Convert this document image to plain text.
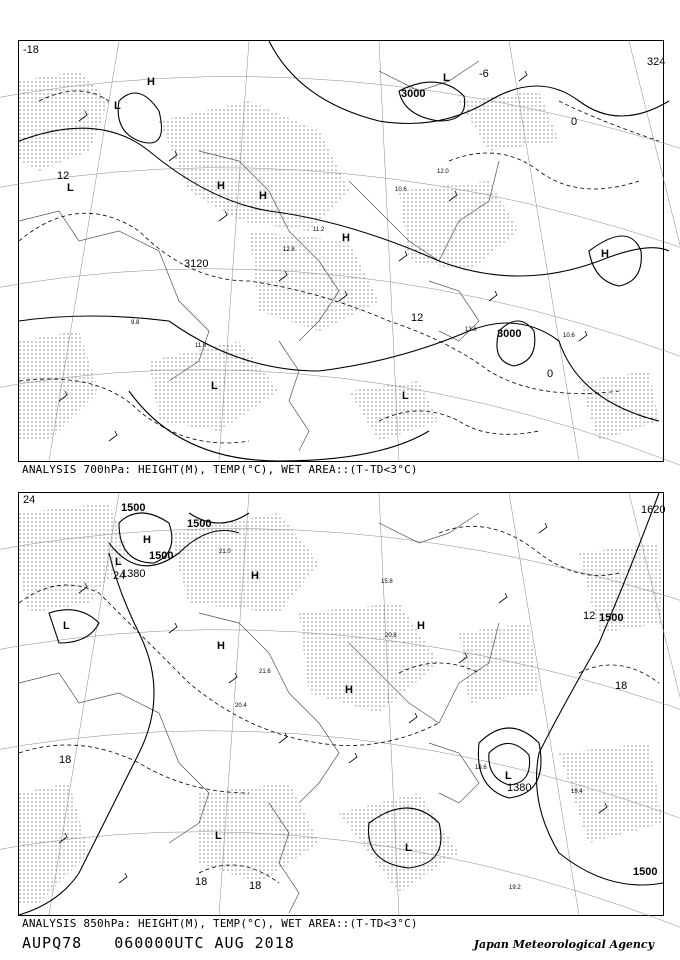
H
H
H
H
H
L
L
L
L
L
3000
3120
3000
324
-18
-6
0
12
12
0
12.0
10.6
11.2
13.6
9.8
10.6
12.8
11.0
ANALYSIS 700hPa: HEIGHT(M), TEMP(°C), WET AREA::(T-TD<3°C)
H
H
H
H
H
L
L
L
L
L
1500
1500
1500
1380
1500
1380
1500
1620
24
24
18
12
18
18	18
21.0
20.8
19.4
18.6
20.4
19.2
15.8
21.6
ANALYSIS 850hPa: HEIGHT(M), TEMP(°C), WET AREA::(T-TD<3°C)
AUPQ78 060000UTC AUG 2018	Japan Meteorological Agency
